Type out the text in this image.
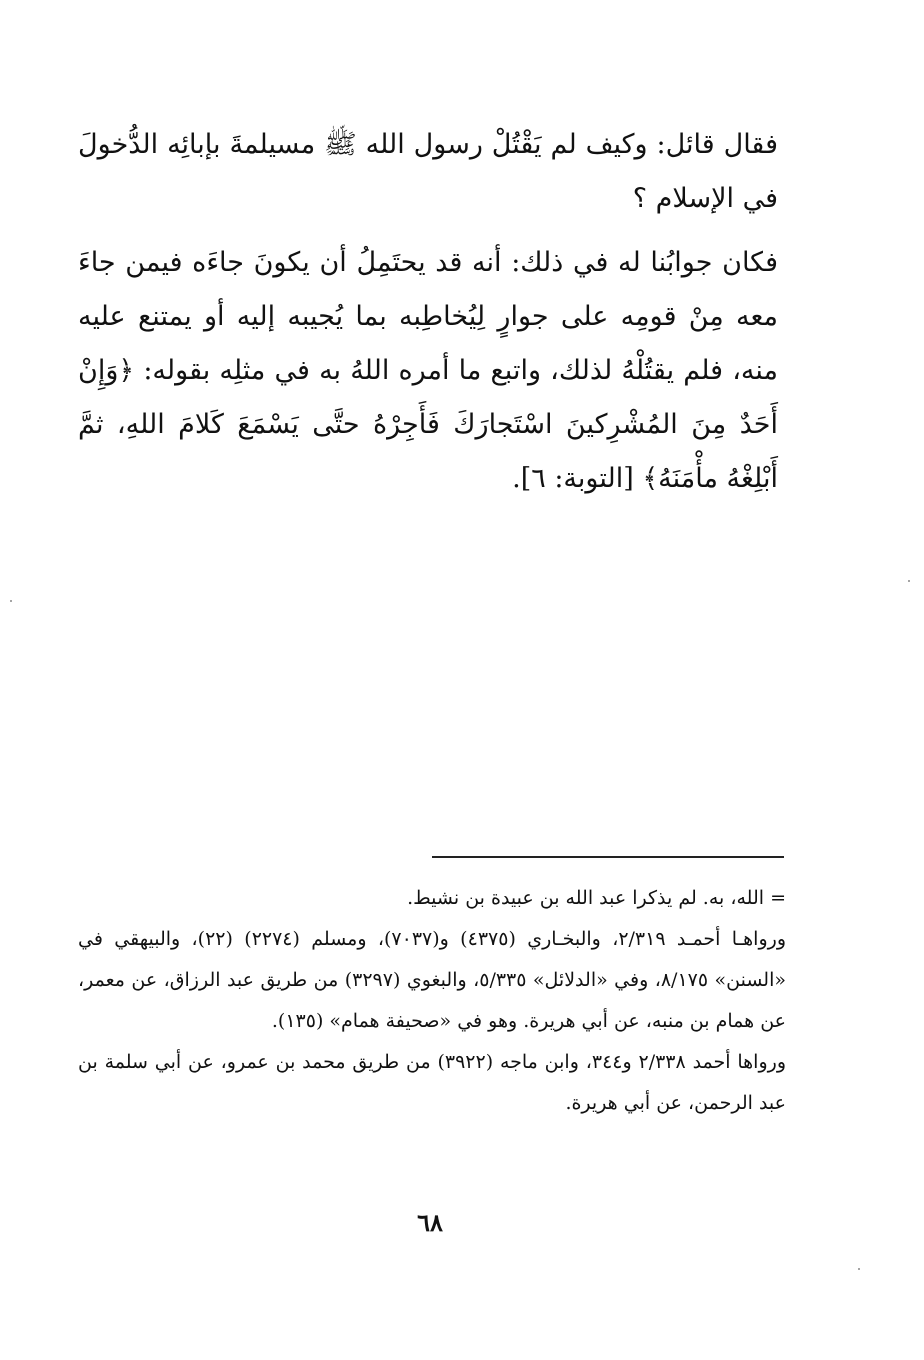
فقال قائل: وكيف لم يَقْتُلْ رسول الله ﷺ مسيلمةَ بإبائِه الدُّخولَ في الإسلام ؟

فكان جوابُنا له في ذلك: أنه قد يحتَمِلُ أن يكونَ جاءَه فيمن جاءَ معه مِنْ قومِه على جوارٍ لِيُخاطِبه بما يُجيبه إليه أو يمتنع عليه منه، فلم يقتُلْهُ لذلك، واتبع ما أمره اللهُ به في مثلِه بقوله: ﴿وَإِنْ أَحَدٌ مِنَ المُشْرِكينَ اسْتَجارَكَ فَأَجِرْهُ حتَّى يَسْمَعَ كَلامَ اللهِ، ثمَّ أَبْلِغْهُ مأْمَنَهُ﴾ [التوبة: ٦].

= الله، به. لم يذكرا عبد الله بن عبيدة بن نشيط.

ورواهـا أحمـد ٢/٣١٩، والبخـاري (٤٣٧٥) و(٧٠٣٧)، ومسلم (٢٢٧٤) (٢٢)، والبيهقي في «السنن» ٨/١٧٥، وفي «الدلائل» ٥/٣٣٥، والبغوي (٣٢٩٧) من طريق عبد الرزاق، عن معمر، عن همام بن منبه، عن أبي هريرة. وهو في «صحيفة همام» (١٣٥).

ورواها أحمد ٢/٣٣٨ و٣٤٤، وابن ماجه (٣٩٢٢) من طريق محمد بن عمرو، عن أبي سلمة بن عبد الرحمن، عن أبي هريرة.

٦٨
